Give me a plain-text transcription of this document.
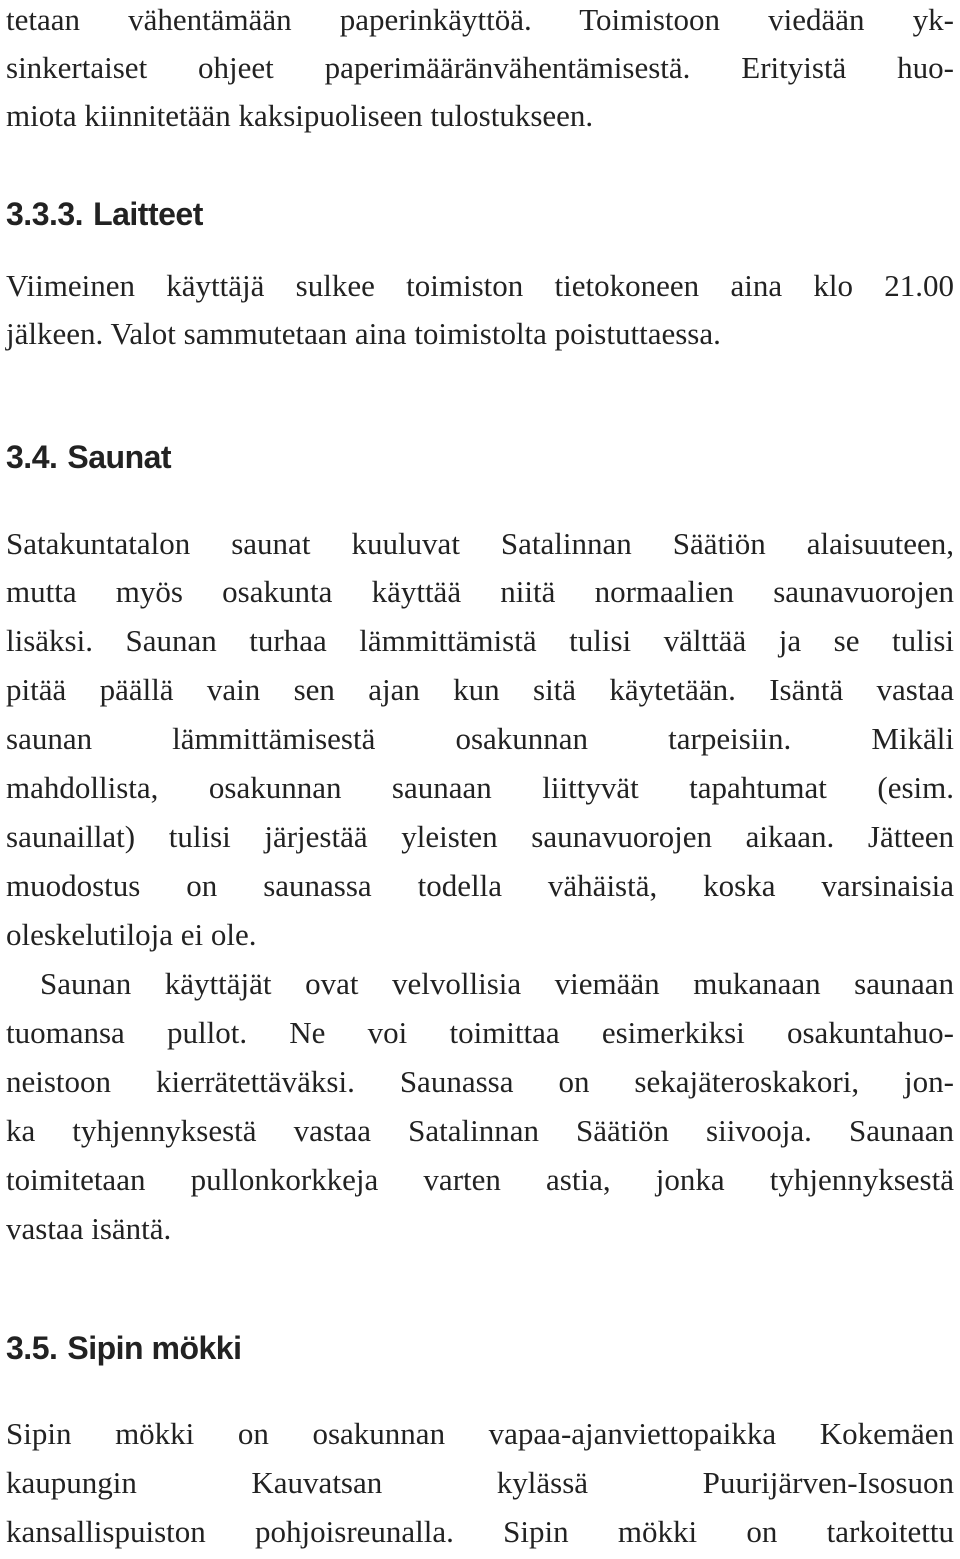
tetaan vähentämään paperinkäyttöä. Toimistoon viedään yk-
sinkertaiset ohjeet paperimääränvähentämisestä. Erityistä huo-
miota kiinnitetään kaksipuoliseen tulostukseen.
3.3.3. Laitteet
Viimeinen käyttäjä sulkee toimiston tietokoneen aina klo 21.00
jälkeen. Valot sammutetaan aina toimistolta poistuttaessa.
3.4. Saunat
Satakuntatalon saunat kuuluvat Satalinnan Säätiön alaisuuteen,
mutta myös osakunta käyttää niitä normaalien saunavuorojen
lisäksi. Saunan turhaa lämmittämistä tulisi välttää ja se tulisi
pitää päällä vain sen ajan kun sitä käytetään. Isäntä vastaa
saunan lämmittämisestä osakunnan tarpeisiin. Mikäli
mahdollista, osakunnan saunaan liittyvät tapahtumat (esim.
saunaillat) tulisi järjestää yleisten saunavuorojen aikaan. Jätteen
muodostus on saunassa todella vähäistä, koska varsinaisia
oleskelutiloja ei ole.
Saunan käyttäjät ovat velvollisia viemään mukanaan saunaan
tuomansa pullot. Ne voi toimittaa esimerkiksi osakuntahuo-
neistoon kierrätettäväksi. Saunassa on sekajäteroskakori, jon-
ka tyhjennyksestä vastaa Satalinnan Säätiön siivooja. Saunaan
toimitetaan pullonkorkkeja varten astia, jonka tyhjennyksestä
vastaa isäntä.
3.5. Sipin mökki
Sipin mökki on osakunnan vapaa-ajanviettopaikka Kokemäen
kaupungin Kauvatsan kylässä Puurijärven-Isosuon
kansallispuiston pohjoisreunalla. Sipin mökki on tarkoitettu
